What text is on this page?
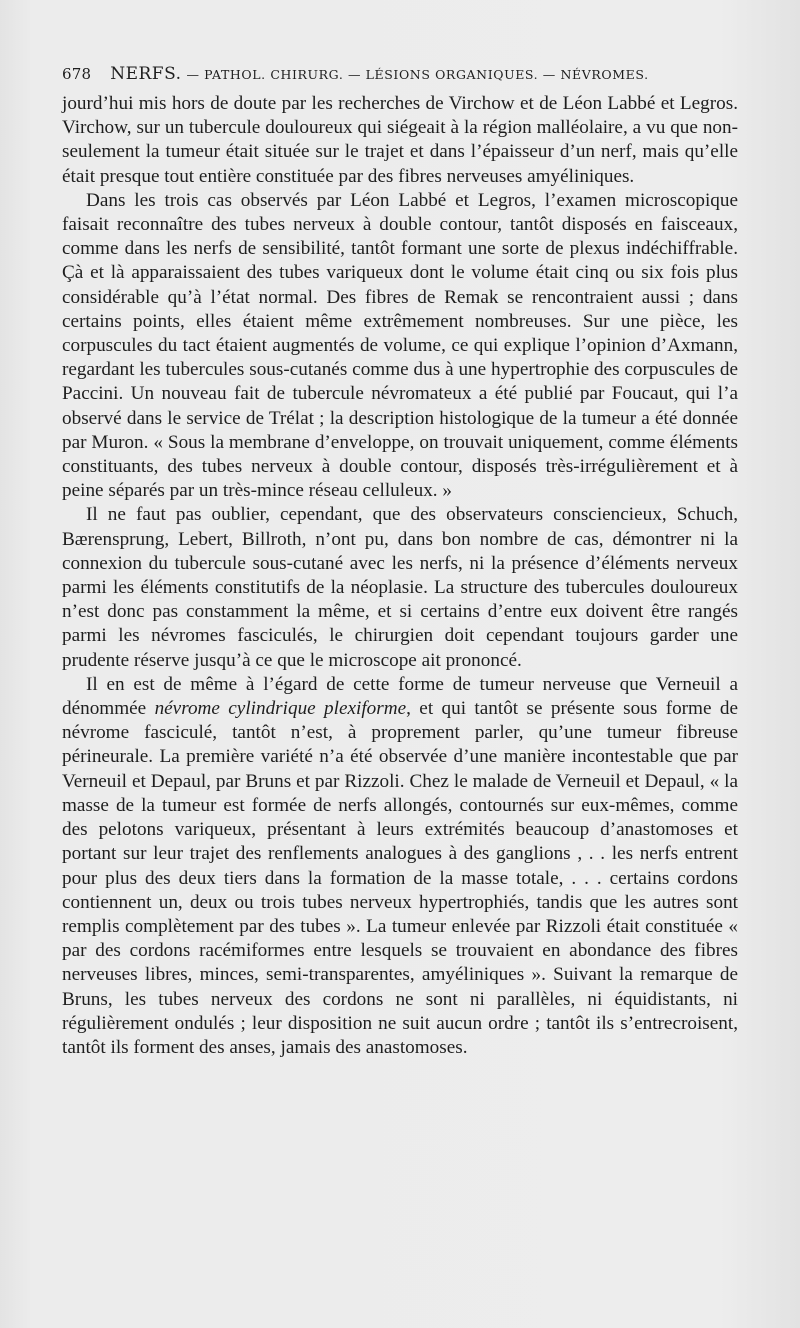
678 NERFS. — PATHOL. CHIRURG. — LÉSIONS ORGANIQUES. — NÉVROMES.

jourd’hui mis hors de doute par les recherches de Virchow et de Léon Labbé et Legros. Virchow, sur un tubercule douloureux qui siégeait à la région malléolaire, a vu que non-seulement la tumeur était située sur le trajet et dans l’épaisseur d’un nerf, mais qu’elle était presque tout entière constituée par des fibres nerveuses amyéliniques.

Dans les trois cas observés par Léon Labbé et Legros, l’examen microscopique faisait reconnaître des tubes nerveux à double contour, tantôt disposés en faisceaux, comme dans les nerfs de sensibilité, tantôt formant une sorte de plexus indéchiffrable. Çà et là apparaissaient des tubes variqueux dont le volume était cinq ou six fois plus considérable qu’à l’état normal. Des fibres de Remak se rencontraient aussi ; dans certains points, elles étaient même extrêmement nombreuses. Sur une pièce, les corpuscules du tact étaient augmentés de volume, ce qui explique l’opinion d’Axmann, regardant les tubercules sous-cutanés comme dus à une hypertrophie des corpuscules de Paccini. Un nouveau fait de tubercule névromateux a été publié par Foucaut, qui l’a observé dans le service de Trélat ; la description histologique de la tumeur a été donnée par Muron. « Sous la membrane d’enveloppe, on trouvait uniquement, comme éléments constituants, des tubes nerveux à double contour, disposés très-irrégulièrement et à peine séparés par un très-mince réseau celluleux. »

Il ne faut pas oublier, cependant, que des observateurs consciencieux, Schuch, Bærensprung, Lebert, Billroth, n’ont pu, dans bon nombre de cas, démontrer ni la connexion du tubercule sous-cutané avec les nerfs, ni la présence d’éléments nerveux parmi les éléments constitutifs de la néoplasie. La structure des tubercules douloureux n’est donc pas constamment la même, et si certains d’entre eux doivent être rangés parmi les névromes fasciculés, le chirurgien doit cependant toujours garder une prudente réserve jusqu’à ce que le microscope ait prononcé.

Il en est de même à l’égard de cette forme de tumeur nerveuse que Verneuil a dénommée névrome cylindrique plexiforme, et qui tantôt se présente sous forme de névrome fasciculé, tantôt n’est, à proprement parler, qu’une tumeur fibreuse périneurale. La première variété n’a été observée d’une manière incontestable que par Verneuil et Depaul, par Bruns et par Rizzoli. Chez le malade de Verneuil et Depaul, « la masse de la tumeur est formée de nerfs allongés, contournés sur eux-mêmes, comme des pelotons variqueux, présentant à leurs extrémités beaucoup d’anastomoses et portant sur leur trajet des renflements analogues à des ganglions , . . les nerfs entrent pour plus des deux tiers dans la formation de la masse totale, . . . certains cordons contiennent un, deux ou trois tubes nerveux hypertrophiés, tandis que les autres sont remplis complètement par des tubes ». La tumeur enlevée par Rizzoli était constituée « par des cordons racémiformes entre lesquels se trouvaient en abondance des fibres nerveuses libres, minces, semi-transparentes, amyéliniques ». Suivant la remarque de Bruns, les tubes nerveux des cordons ne sont ni parallèles, ni équidistants, ni régulièrement ondulés ; leur disposition ne suit aucun ordre ; tantôt ils s’entrecroisent, tantôt ils forment des anses, jamais des anastomoses.
